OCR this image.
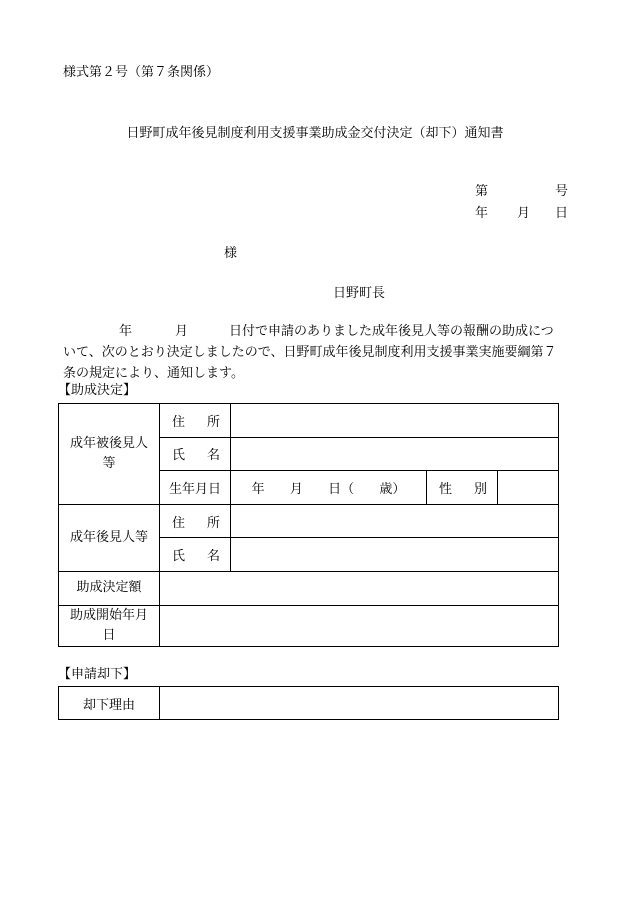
様式第２号（第７条関係）
日野町成年後見制度利用支援事業助成金交付決定（却下）通知書
第	号
年 月 日
様
日野町長
年	月	日付で申請のありました成年後見人等の報酬の助成につ
いて、次のとおり決定しましたので、日野町成年後見制度利用支援事業実施要綱第７
条の規定により、通知します。
【助成決定】
成年被後見人等	住 所			

	氏 名			

	生年月日	年 月 日（ 歳）	性 別	

成年後見人等	住 所			

	氏 名			

助成決定額				

助成開始年月日				

【申請却下】
却下理由	
